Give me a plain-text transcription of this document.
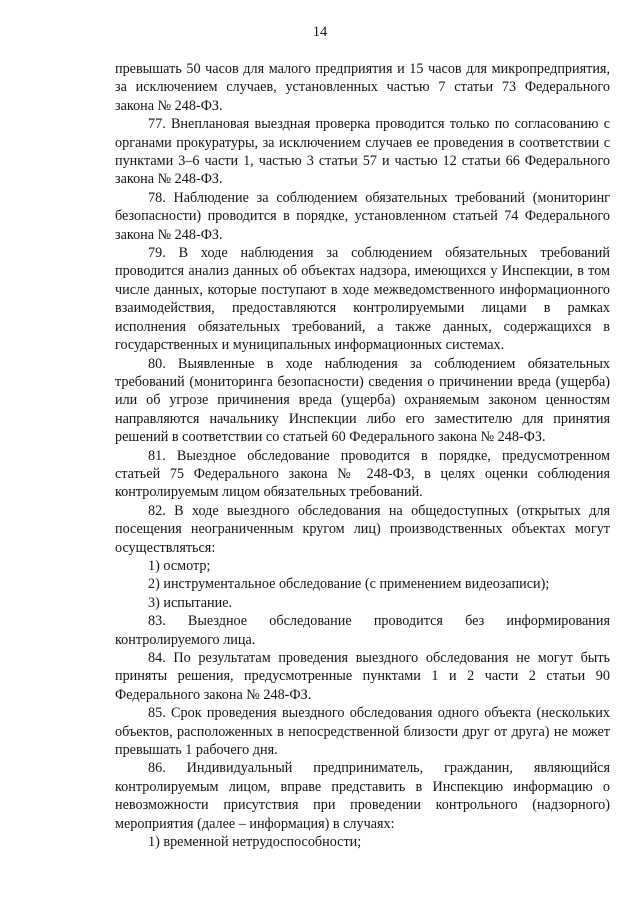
14

превышать 50 часов для малого предприятия и 15 часов для микропредприятия, за исключением случаев, установленных частью 7 статьи 73 Федерального закона № 248-ФЗ.

77. Внеплановая выездная проверка проводится только по согласованию с органами прокуратуры, за исключением случаев ее проведения в соответствии с пунктами 3–6 части 1, частью 3 статьи 57 и частью 12 статьи 66 Федерального закона № 248-ФЗ.

78. Наблюдение за соблюдением обязательных требований (мониторинг безопасности) проводится в порядке, установленном статьей 74 Федерального закона № 248-ФЗ.

79. В ходе наблюдения за соблюдением обязательных требований проводится анализ данных об объектах надзора, имеющихся у Инспекции, в том числе данных, которые поступают в ходе межведомственного информационного взаимодействия, предоставляются контролируемыми лицами в рамках исполнения обязательных требований, а также данных, содержащихся в государственных и муниципальных информационных системах.

80. Выявленные в ходе наблюдения за соблюдением обязательных требований (мониторинга безопасности) сведения о причинении вреда (ущерба) или об угрозе причинения вреда (ущерба) охраняемым законом ценностям направляются начальнику Инспекции либо его заместителю для принятия решений в соответствии со статьей 60 Федерального закона № 248-ФЗ.

81. Выездное обследование проводится в порядке, предусмотренном статьей 75 Федерального закона № 248-ФЗ, в целях оценки соблюдения контролируемым лицом обязательных требований.

82. В ходе выездного обследования на общедоступных (открытых для посещения неограниченным кругом лиц) производственных объектах могут осуществляться:

1) осмотр;

2) инструментальное обследование (с применением видеозаписи);

3) испытание.

83. Выездное обследование проводится без информирования контролируемого лица.

84. По результатам проведения выездного обследования не могут быть приняты решения, предусмотренные пунктами 1 и 2 части 2 статьи 90 Федерального закона № 248-ФЗ.

85. Срок проведения выездного обследования одного объекта (нескольких объектов, расположенных в непосредственной близости друг от друга) не может превышать 1 рабочего дня.

86. Индивидуальный предприниматель, гражданин, являющийся контролируемым лицом, вправе представить в Инспекцию информацию о невозможности присутствия при проведении контрольного (надзорного) мероприятия (далее – информация) в случаях:

1) временной нетрудоспособности;
